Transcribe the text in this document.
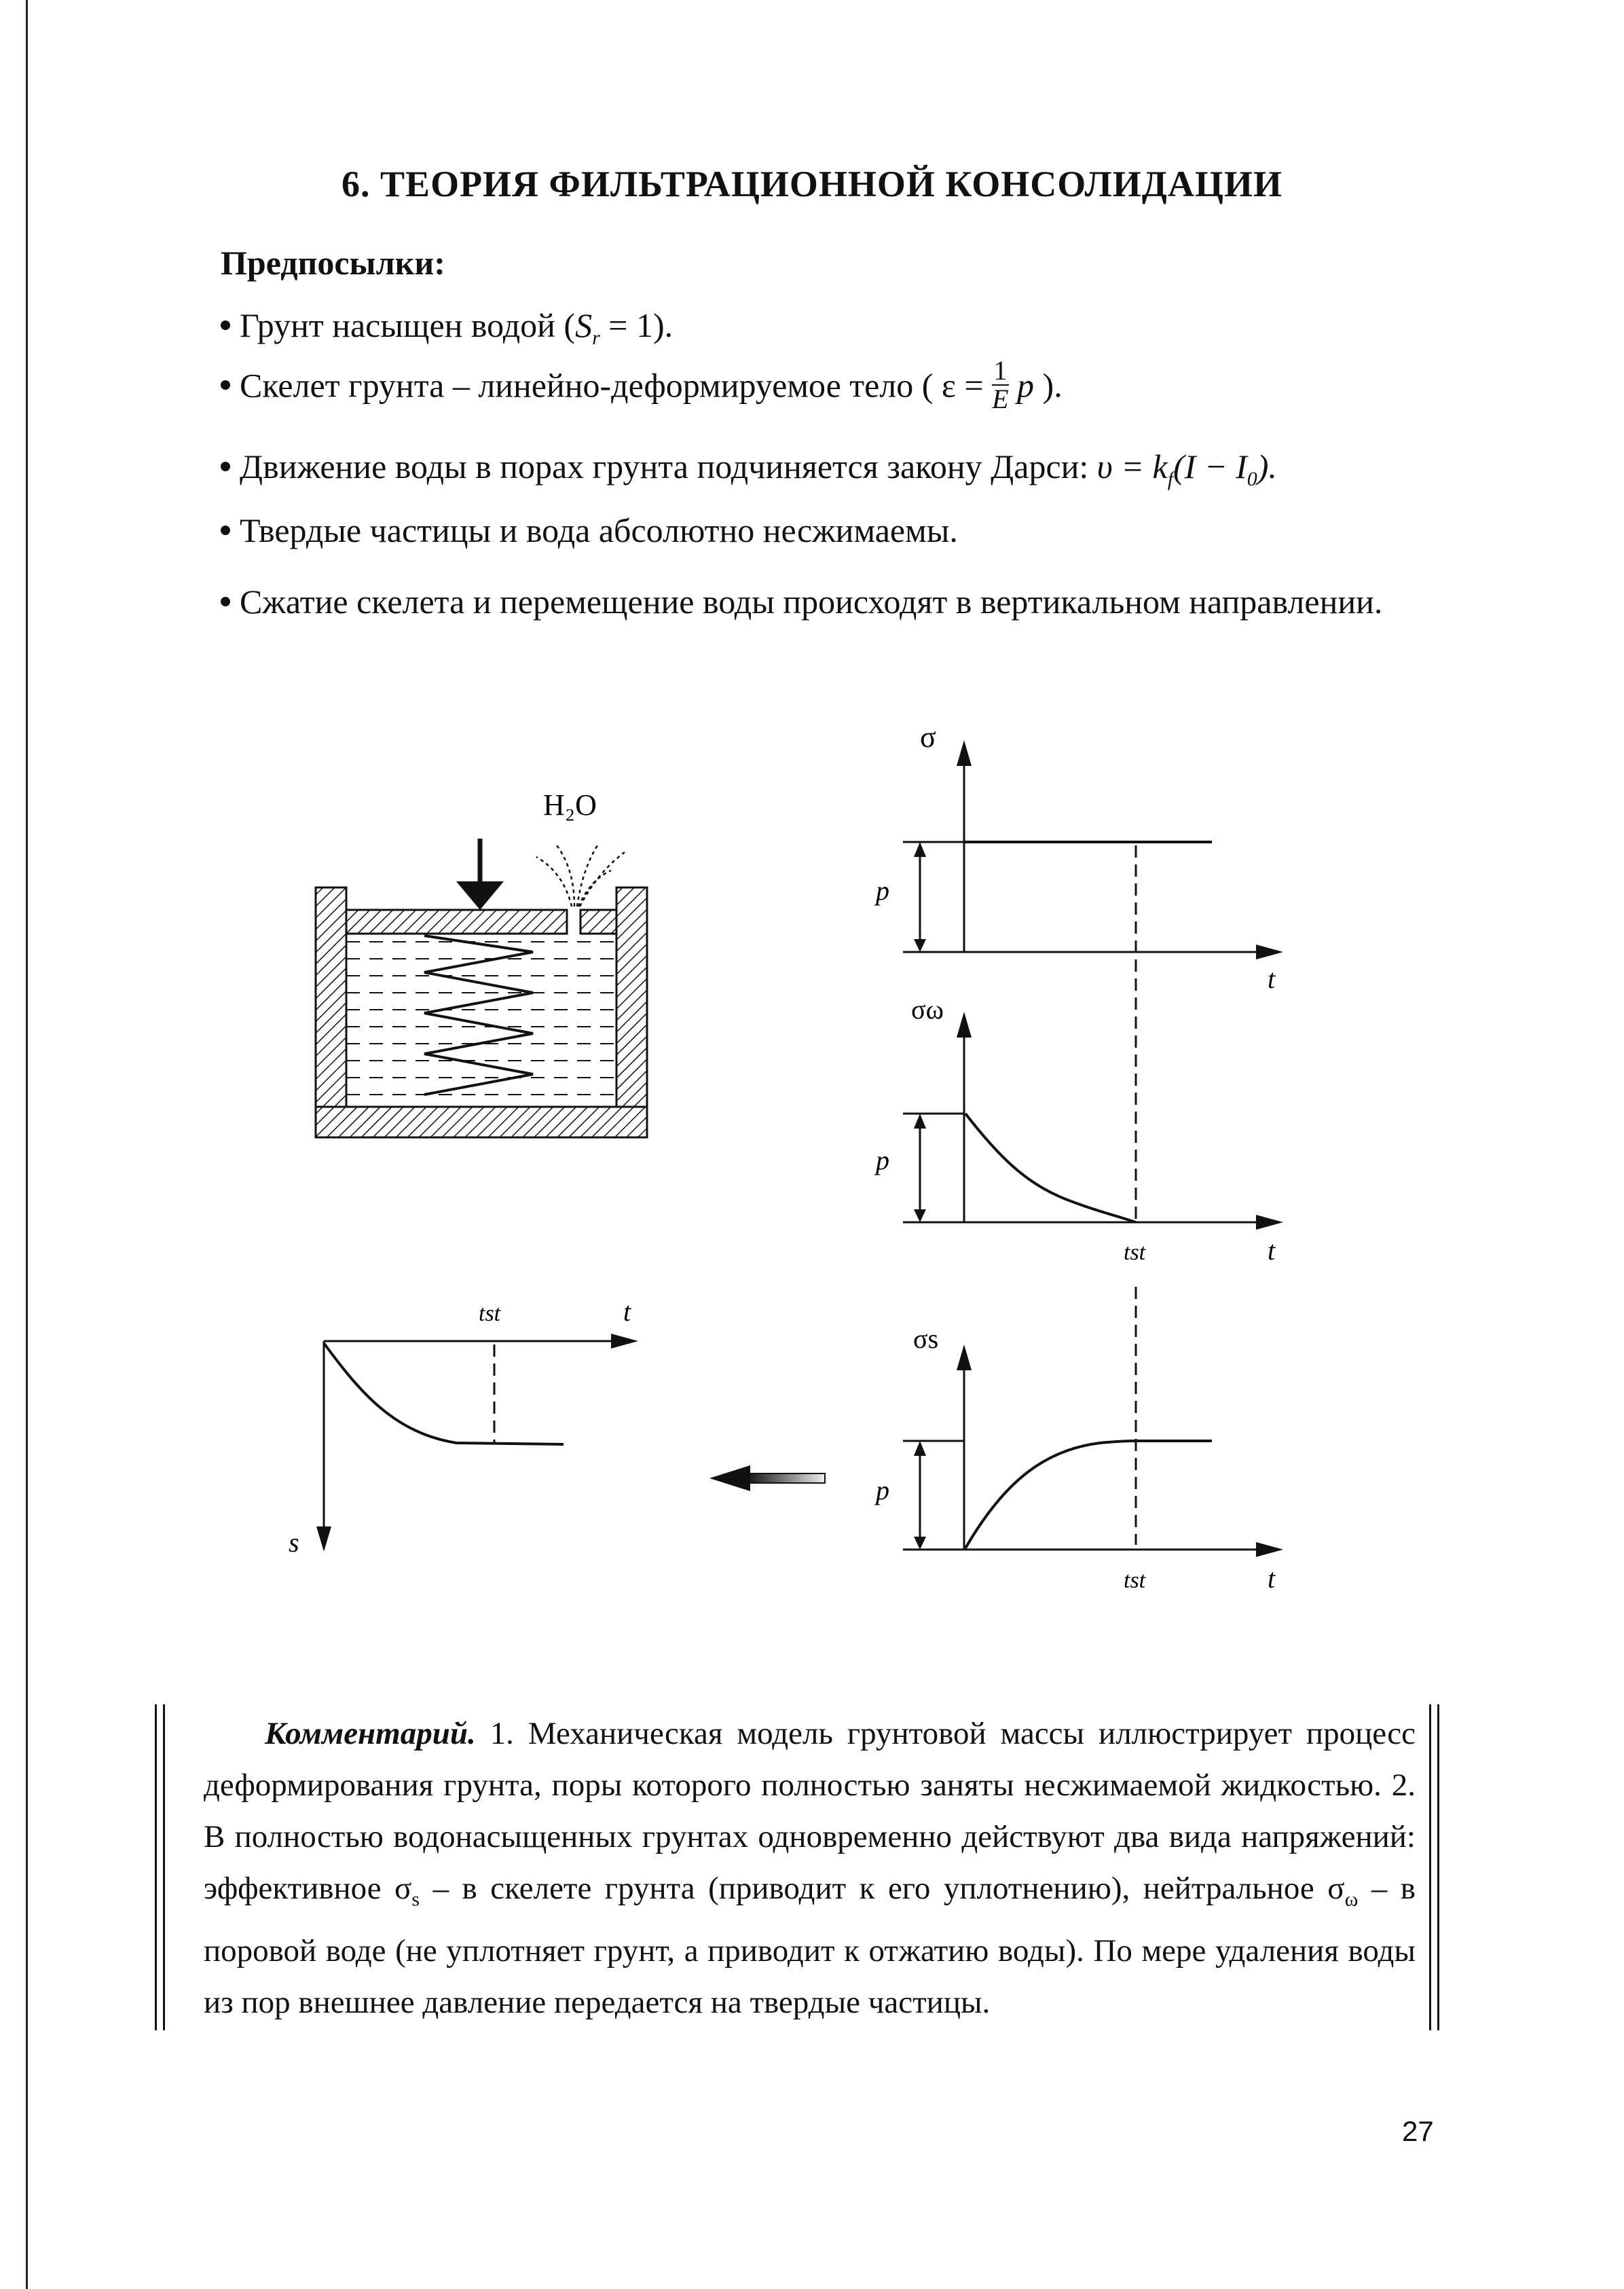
6. ТЕОРИЯ ФИЛЬТРАЦИОННОЙ КОНСОЛИДАЦИИ
Предпосылки:
Грунт насыщен водой $(S_r = 1)$.
Скелет грунта – линейно-деформируемое тело ( $\varepsilon = \frac{1}{E}$ p ).
Движение воды в порах грунта подчиняется закону Дарси: $\upsilon = k_f(I - I_0)$.
Твердые частицы и вода абсолютно несжимаемы.
Сжатие скелета и перемещение воды происходят в вертикальном направлении.
H₂O
p
σ
t
p
σω
tst	t
p
σs
tst	t
tst	t
s
Комментарий. 1. Механическая модель грунтовой массы иллюстрирует процесс деформирования грунта, поры которого полностью заняты несжимаемой жидкостью. 2. В полностью водонасыщенных грунтах одновременно действуют два вида напряжений: эффективное $\sigma_s$ – в скелете грунта (приводит к его уплотнению), нейтральное $\sigma_\omega$ – в поровой воде (не уплотняет грунт, а приводит к отжатию воды). По мере удаления воды из пор внешнее давление передается на твердые частицы.
27
